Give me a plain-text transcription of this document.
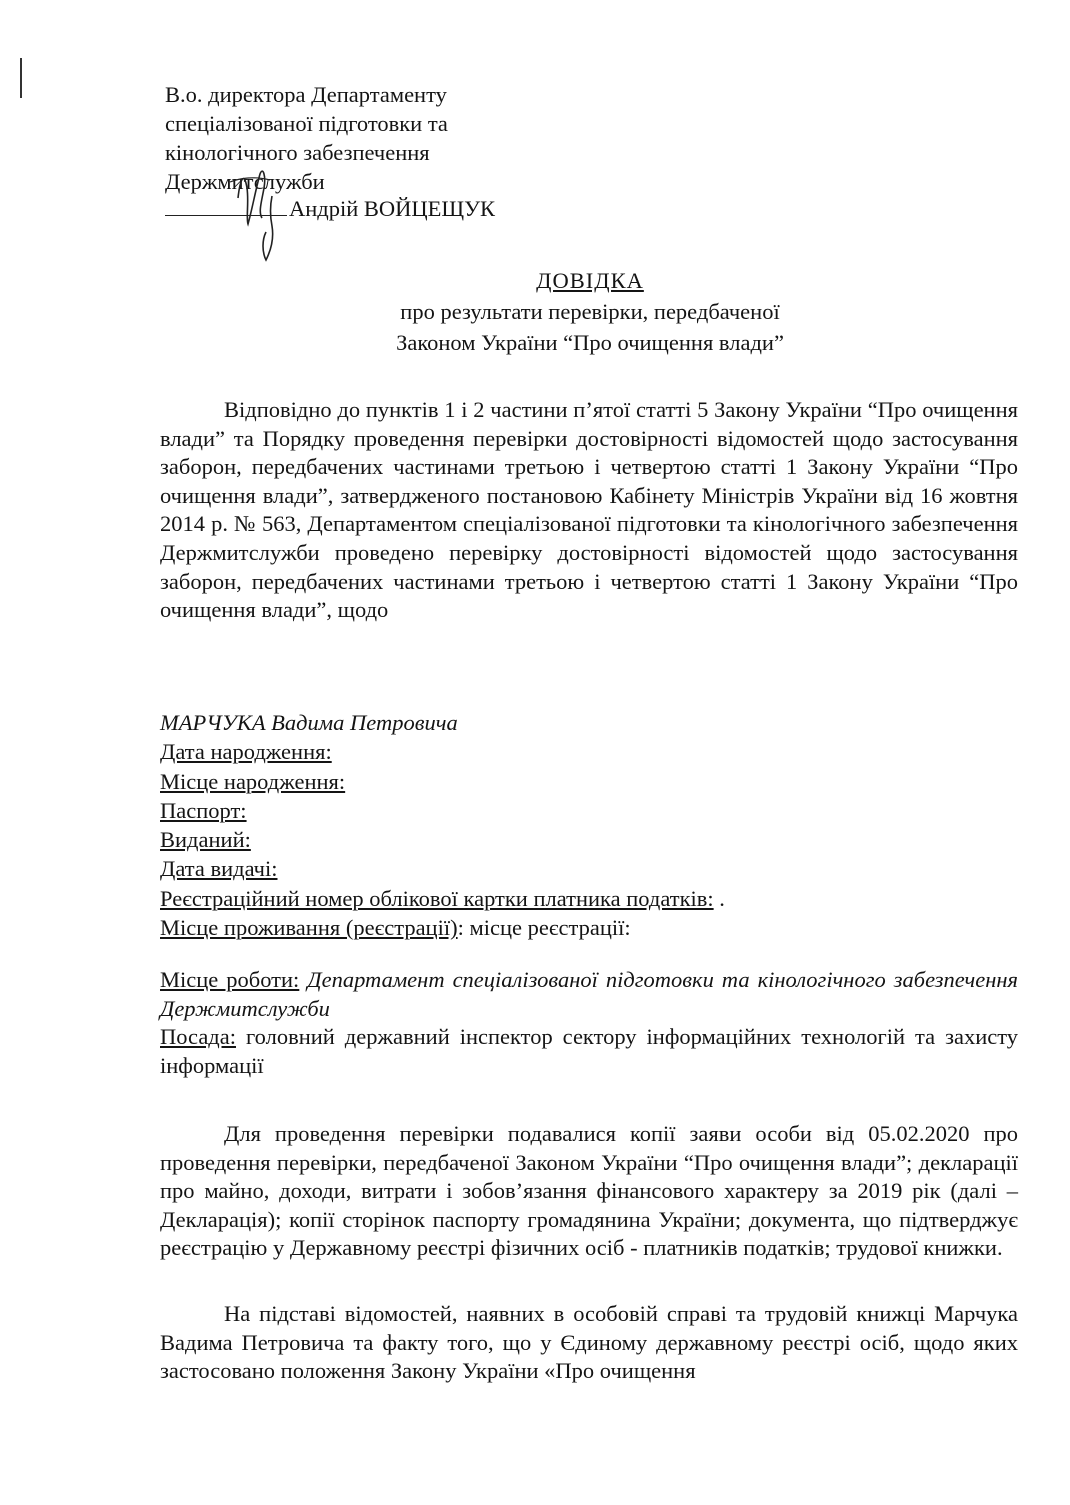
В.о. директора Департаменту
спеціалізованої підготовки та
кінологічного забезпечення
Держмитслужби
Андрій ВОЙЦЕЩУК
ДОВІДКА
про результати перевірки, передбаченої
Законом України “Про очищення влади”

Відповідно до пунктів 1 і 2 частини п’ятої статті 5 Закону України “Про очищення влади” та Порядку проведення перевірки достовірності відомостей щодо застосування заборон, передбачених частинами третьою і четвертою статті 1 Закону України “Про очищення влади”, затвердженого постановою Кабінету Міністрів України від 16 жовтня 2014 р. № 563, Департаментом спеціалізованої підготовки та кінологічного забезпечення Держмитслужби проведено перевірку достовірності відомостей щодо застосування заборон, передбачених частинами третьою і четвертою статті 1 Закону України “Про очищення влади”, щодо

МАРЧУКА Вадима Петровича
Дата народження:
Місце народження:
Паспорт:
Виданий:
Дата видачі:
Реєстраційний номер облікової картки платника податків: .
Місце проживання (реєстрації): місце реєстрації:
Місце роботи: Департамент спеціалізованої підготовки та кінологічного забезпечення Держмитслужби
Посада: головний державний інспектор сектору інформаційних технологій та захисту інформації

Для проведення перевірки подавалися копії заяви особи від 05.02.2020 про проведення перевірки, передбаченої Законом України “Про очищення влади”; декларації про майно, доходи, витрати і зобов’язання фінансового характеру за 2019 рік (далі – Декларація); копії сторінок паспорту громадянина України; документа, що підтверджує реєстрацію у Державному реєстрі фізичних осіб - платників податків; трудової книжки.

На підставі відомостей, наявних в особовій справі та трудовій книжці Марчука Вадима Петровича та факту того, що у Єдиному державному реєстрі осіб, щодо яких застосовано положення Закону України «Про очищення
